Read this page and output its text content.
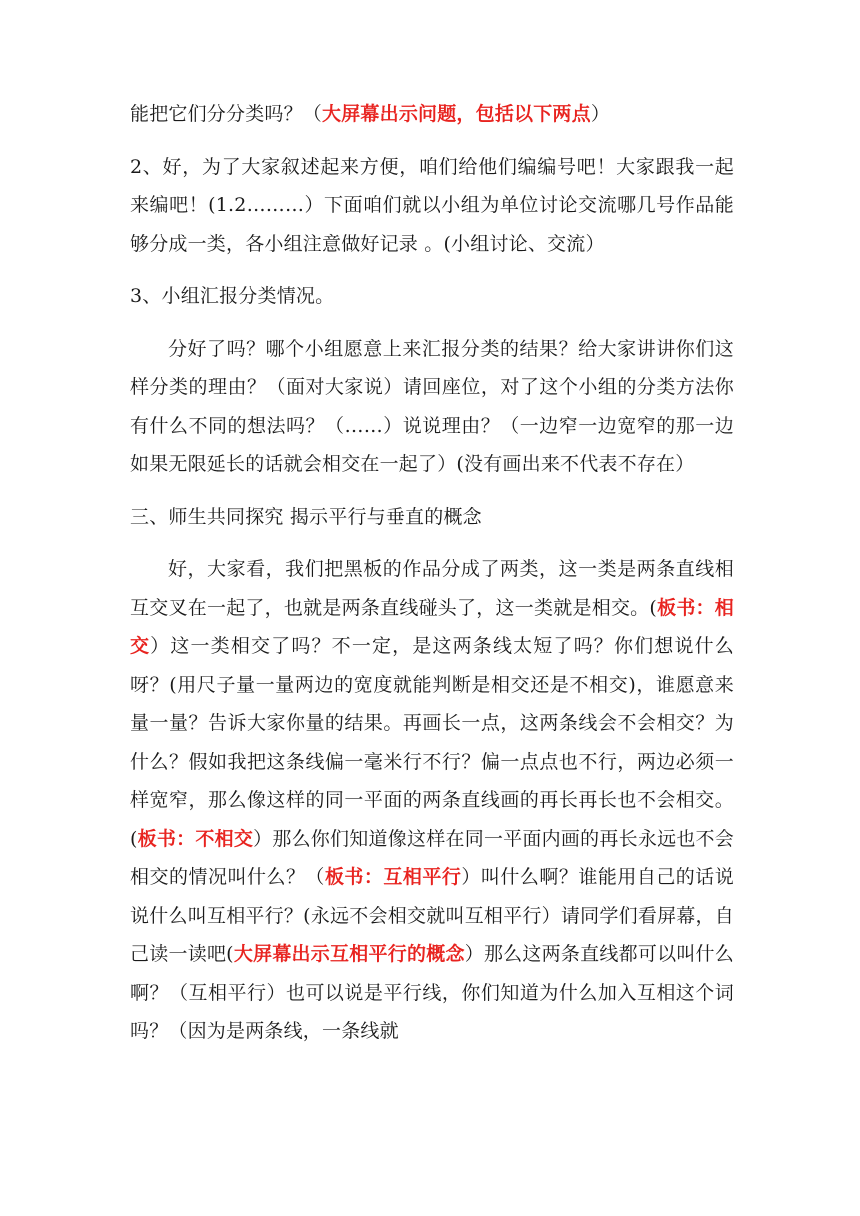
能把它们分分类吗？（大屏幕出示问题，包括以下两点）

2、好，为了大家叙述起来方便，咱们给他们编编号吧！大家跟我一起来编吧！(1.2………）下面咱们就以小组为单位讨论交流哪几号作品能够分成一类，各小组注意做好记录 。(小组讨论、交流）

3、小组汇报分类情况。

分好了吗？哪个小组愿意上来汇报分类的结果？给大家讲讲你们这样分类的理由？（面对大家说）请回座位，对了这个小组的分类方法你有什么不同的想法吗？（……）说说理由？（一边窄一边宽窄的那一边如果无限延长的话就会相交在一起了）(没有画出来不代表不存在）

三、师生共同探究 揭示平行与垂直的概念

好，大家看，我们把黑板的作品分成了两类，这一类是两条直线相互交叉在一起了，也就是两条直线碰头了，这一类就是相交。(板书：相交）这一类相交了吗？不一定，是这两条线太短了吗？你们想说什么呀？(用尺子量一量两边的宽度就能判断是相交还是不相交)，谁愿意来量一量？告诉大家你量的结果。再画长一点，这两条线会不会相交？为什么？假如我把这条线偏一毫米行不行？偏一点点也不行，两边必须一样宽窄，那么像这样的同一平面的两条直线画的再长再长也不会相交。(板书：不相交）那么你们知道像这样在同一平面内画的再长永远也不会相交的情况叫什么？（板书：互相平行）叫什么啊？谁能用自己的话说说什么叫互相平行？(永远不会相交就叫互相平行）请同学们看屏幕，自己读一读吧(大屏幕出示互相平行的概念）那么这两条直线都可以叫什么啊？（互相平行）也可以说是平行线，你们知道为什么加入互相这个词吗？（因为是两条线，一条线就
